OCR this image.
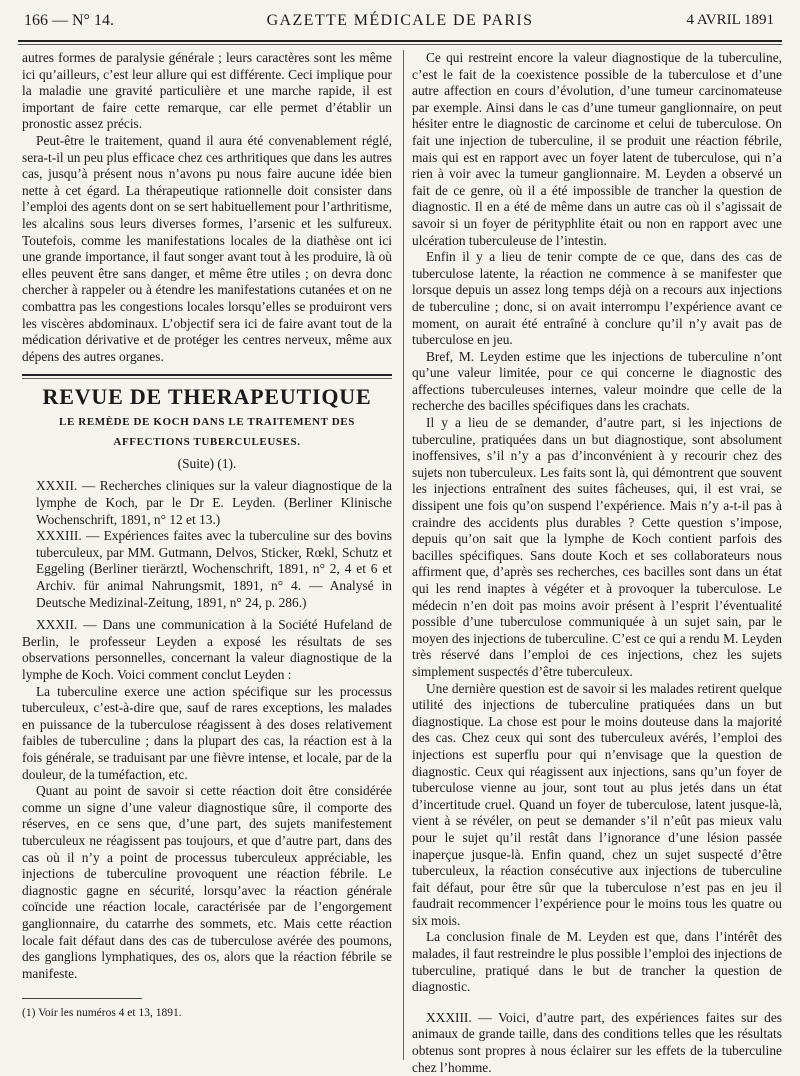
166 — N° 14.	GAZETTE MÉDICALE DE PARIS	4 AVRIL 1891

autres formes de paralysie générale ; leurs caractères sont les même ici qu’ailleurs, c’est leur allure qui est différente. Ceci implique pour la maladie une gravité particulière et une marche rapide, il est important de faire cette remarque, car elle permet d’établir un pronostic assez précis.

Peut-être le traitement, quand il aura été convenablement réglé, sera-t-il un peu plus efficace chez ces arthritiques que dans les autres cas, jusqu’à présent nous n’avons pu nous faire aucune idée bien nette à cet égard. La thérapeutique rationnelle doit consister dans l’emploi des agents dont on se sert habituellement pour l’arthritisme, les alcalins sous leurs diverses formes, l’arsenic et les sulfureux. Toutefois, comme les manifestations locales de la diathèse ont ici une grande importance, il faut songer avant tout à les produire, là où elles peuvent être sans danger, et même être utiles ; on devra donc chercher à rappeler ou à étendre les manifestations cutanées et on ne combattra pas les congestions locales lorsqu’elles se produiront vers les viscères abdominaux. L’objectif sera ici de faire avant tout de la médication dérivative et de protéger les centres nerveux, même aux dépens des autres organes.

REVUE DE THERAPEUTIQUE
LE REMÈDE DE KOCH DANS LE TRAITEMENT DES AFFECTIONS TUBERCULEUSES.
(Suite) (1).

XXXII. — Recherches cliniques sur la valeur diagnostique de la lymphe de Koch, par le Dr E. Leyden. (Berliner Klinische Wochenschrift, 1891, n° 12 et 13.)

XXXIII. — Expériences faites avec la tuberculine sur des bovins tuberculeux, par MM. Gutmann, Delvos, Sticker, Rœkl, Schutz et Eggeling (Berliner tierärztl, Wochenschrift, 1891, n° 2, 4 et 6 et Archiv. für animal Nahrungsmit, 1891, n° 4. — Analysé in Deutsche Medizinal-Zeitung, 1891, n° 24, p. 286.)

XXXII. — Dans une communication à la Société Hufeland de Berlin, le professeur Leyden a exposé les résultats de ses observations personnelles, concernant la valeur diagnostique de la lymphe de Koch. Voici comment conclut Leyden :

La tuberculine exerce une action spécifique sur les processus tuberculeux, c’est-à-dire que, sauf de rares exceptions, les malades en puissance de la tuberculose réagissent à des doses relativement faibles de tuberculine ; dans la plupart des cas, la réaction est à la fois générale, se traduisant par une fièvre intense, et locale, par de la douleur, de la tuméfaction, etc.

Quant au point de savoir si cette réaction doit être considérée comme un signe d’une valeur diagnostique sûre, il comporte des réserves, en ce sens que, d’une part, des sujets manifestement tuberculeux ne réagissent pas toujours, et que d’autre part, dans des cas où il n’y a point de processus tuberculeux appréciable, les injections de tuberculine provoquent une réaction fébrile. Le diagnostic gagne en sécurité, lorsqu’avec la réaction générale coïncide une réaction locale, caractérisée par de l’engorgement ganglionnaire, du catarrhe des sommets, etc. Mais cette réaction locale fait défaut dans des cas de tuberculose avérée des poumons, des ganglions lymphatiques, des os, alors que la réaction fébrile se manifeste.

(1) Voir les numéros 4 et 13, 1891.

Ce qui restreint encore la valeur diagnostique de la tuberculine, c’est le fait de la coexistence possible de la tuberculose et d’une autre affection en cours d’évolution, d’une tumeur carcinomateuse par exemple. Ainsi dans le cas d’une tumeur ganglionnaire, on peut hésiter entre le diagnostic de carcinome et celui de tuberculose. On fait une injection de tuberculine, il se produit une réaction fébrile, mais qui est en rapport avec un foyer latent de tuberculose, qui n’a rien à voir avec la tumeur ganglionnaire. M. Leyden a observé un fait de ce genre, où il a été impossible de trancher la question de diagnostic. Il en a été de même dans un autre cas où il s’agissait de savoir si un foyer de pérityphlite était ou non en rapport avec une ulcération tuberculeuse de l’intestin.

Enfin il y a lieu de tenir compte de ce que, dans des cas de tuberculose latente, la réaction ne commence à se manifester que lorsque depuis un assez long temps déjà on a recours aux injections de tuberculine ; donc, si on avait interrompu l’expérience avant ce moment, on aurait été entraîné à conclure qu’il n’y avait pas de tuberculose en jeu.

Bref, M. Leyden estime que les injections de tuberculine n’ont qu’une valeur limitée, pour ce qui concerne le diagnostic des affections tuberculeuses internes, valeur moindre que celle de la recherche des bacilles spécifiques dans les crachats.

Il y a lieu de se demander, d’autre part, si les injections de tuberculine, pratiquées dans un but diagnostique, sont absolument inoffensives, s’il n’y a pas d’inconvénient à y recourir chez des sujets non tuberculeux. Les faits sont là, qui démontrent que souvent les injections entraînent des suites fâcheuses, qui, il est vrai, se dissipent une fois qu’on suspend l’expérience. Mais n’y a-t-il pas à craindre des accidents plus durables ? Cette question s’impose, depuis qu’on sait que la lymphe de Koch contient parfois des bacilles spécifiques. Sans doute Koch et ses collaborateurs nous affirment que, d’après ses recherches, ces bacilles sont dans un état qui les rend inaptes à végéter et à provoquer la tuberculose. Le médecin n’en doit pas moins avoir présent à l’esprit l’éventualité possible d’une tuberculose communiquée à un sujet sain, par le moyen des injections de tuberculine. C’est ce qui a rendu M. Leyden très réservé dans l’emploi de ces injections, chez les sujets simplement suspectés d’être tuberculeux.

Une dernière question est de savoir si les malades retirent quelque utilité des injections de tuberculine pratiquées dans un but diagnostique. La chose est pour le moins douteuse dans la majorité des cas. Chez ceux qui sont des tuberculeux avérés, l’emploi des injections est superflu pour qui n’envisage que la question de diagnostic. Ceux qui réagissent aux injections, sans qu’un foyer de tuberculose vienne au jour, sont tout au plus jetés dans un état d’incertitude cruel. Quand un foyer de tuberculose, latent jusque-là, vient à se révéler, on peut se demander s’il n’eût pas mieux valu pour le sujet qu’il restât dans l’ignorance d’une lésion passée inaperçue jusque-là. Enfin quand, chez un sujet suspecté d’être tuberculeux, la réaction consécutive aux injections de tuberculine fait défaut, pour être sûr que la tuberculose n’est pas en jeu il faudrait recommencer l’expérience pour le moins tous les quatre ou six mois.

La conclusion finale de M. Leyden est que, dans l’intérêt des malades, il faut restreindre le plus possible l’emploi des injections de tuberculine, pratiqué dans le but de trancher la question de diagnostic.

XXXIII. — Voici, d’autre part, des expériences faites sur des animaux de grande taille, dans des conditions telles que les résultats obtenus sont propres à nous éclairer sur les effets de la tuberculine chez l’homme.
